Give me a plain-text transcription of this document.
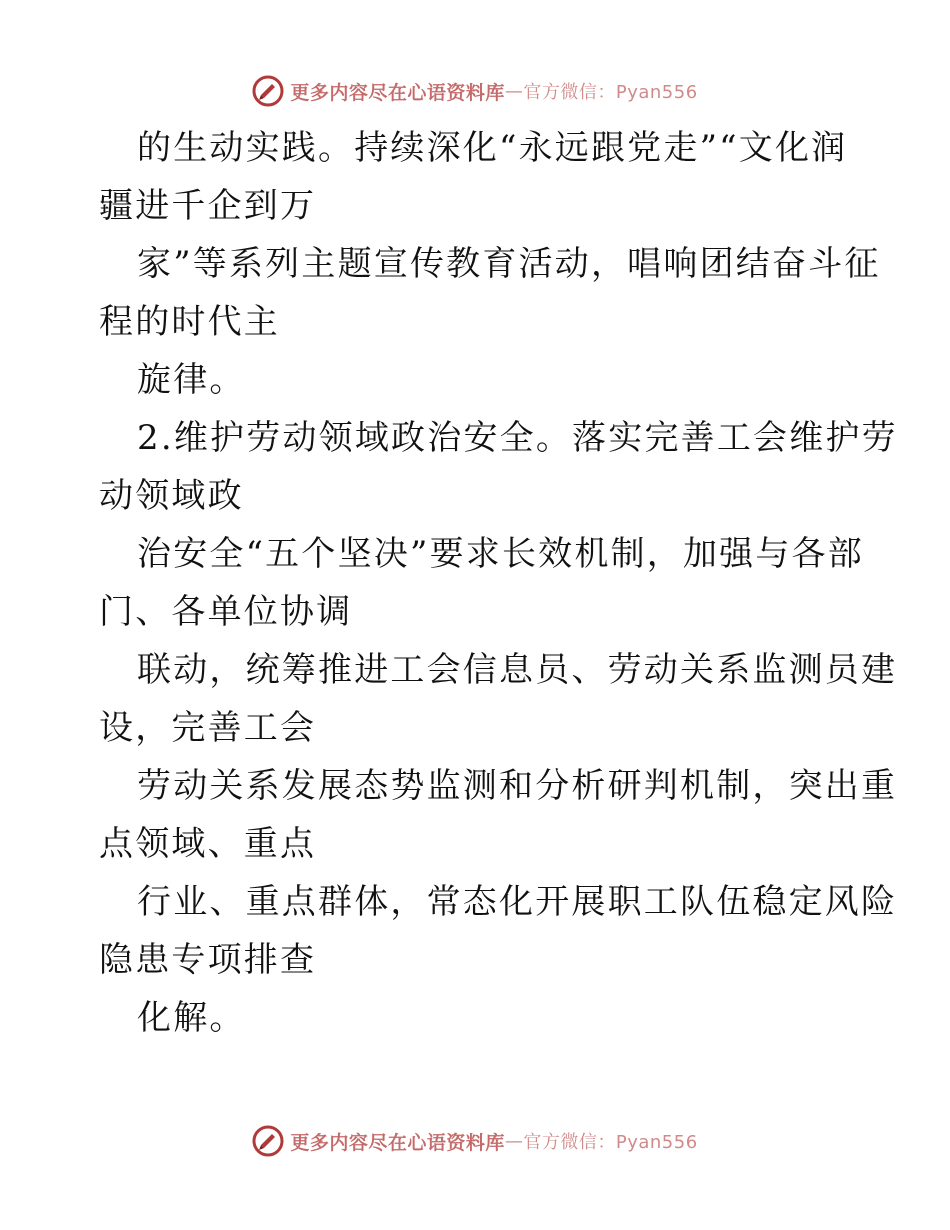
更多内容尽在心语资料库 — 官方微信：Pyan556
的生动实践。持续深化“永远跟党走”“文化润
疆进千企到万
家”等系列主题宣传教育活动，唱响团结奋斗征
程的时代主
旋律。
2.维护劳动领域政治安全。落实完善工会维护劳
动领域政
治安全“五个坚决”要求长效机制，加强与各部
门、各单位协调
联动，统筹推进工会信息员、劳动关系监测员建
设，完善工会
劳动关系发展态势监测和分析研判机制，突出重
点领域、重点
行业、重点群体，常态化开展职工队伍稳定风险
隐患专项排查
化解。
更多内容尽在心语资料库 — 官方微信：Pyan556
